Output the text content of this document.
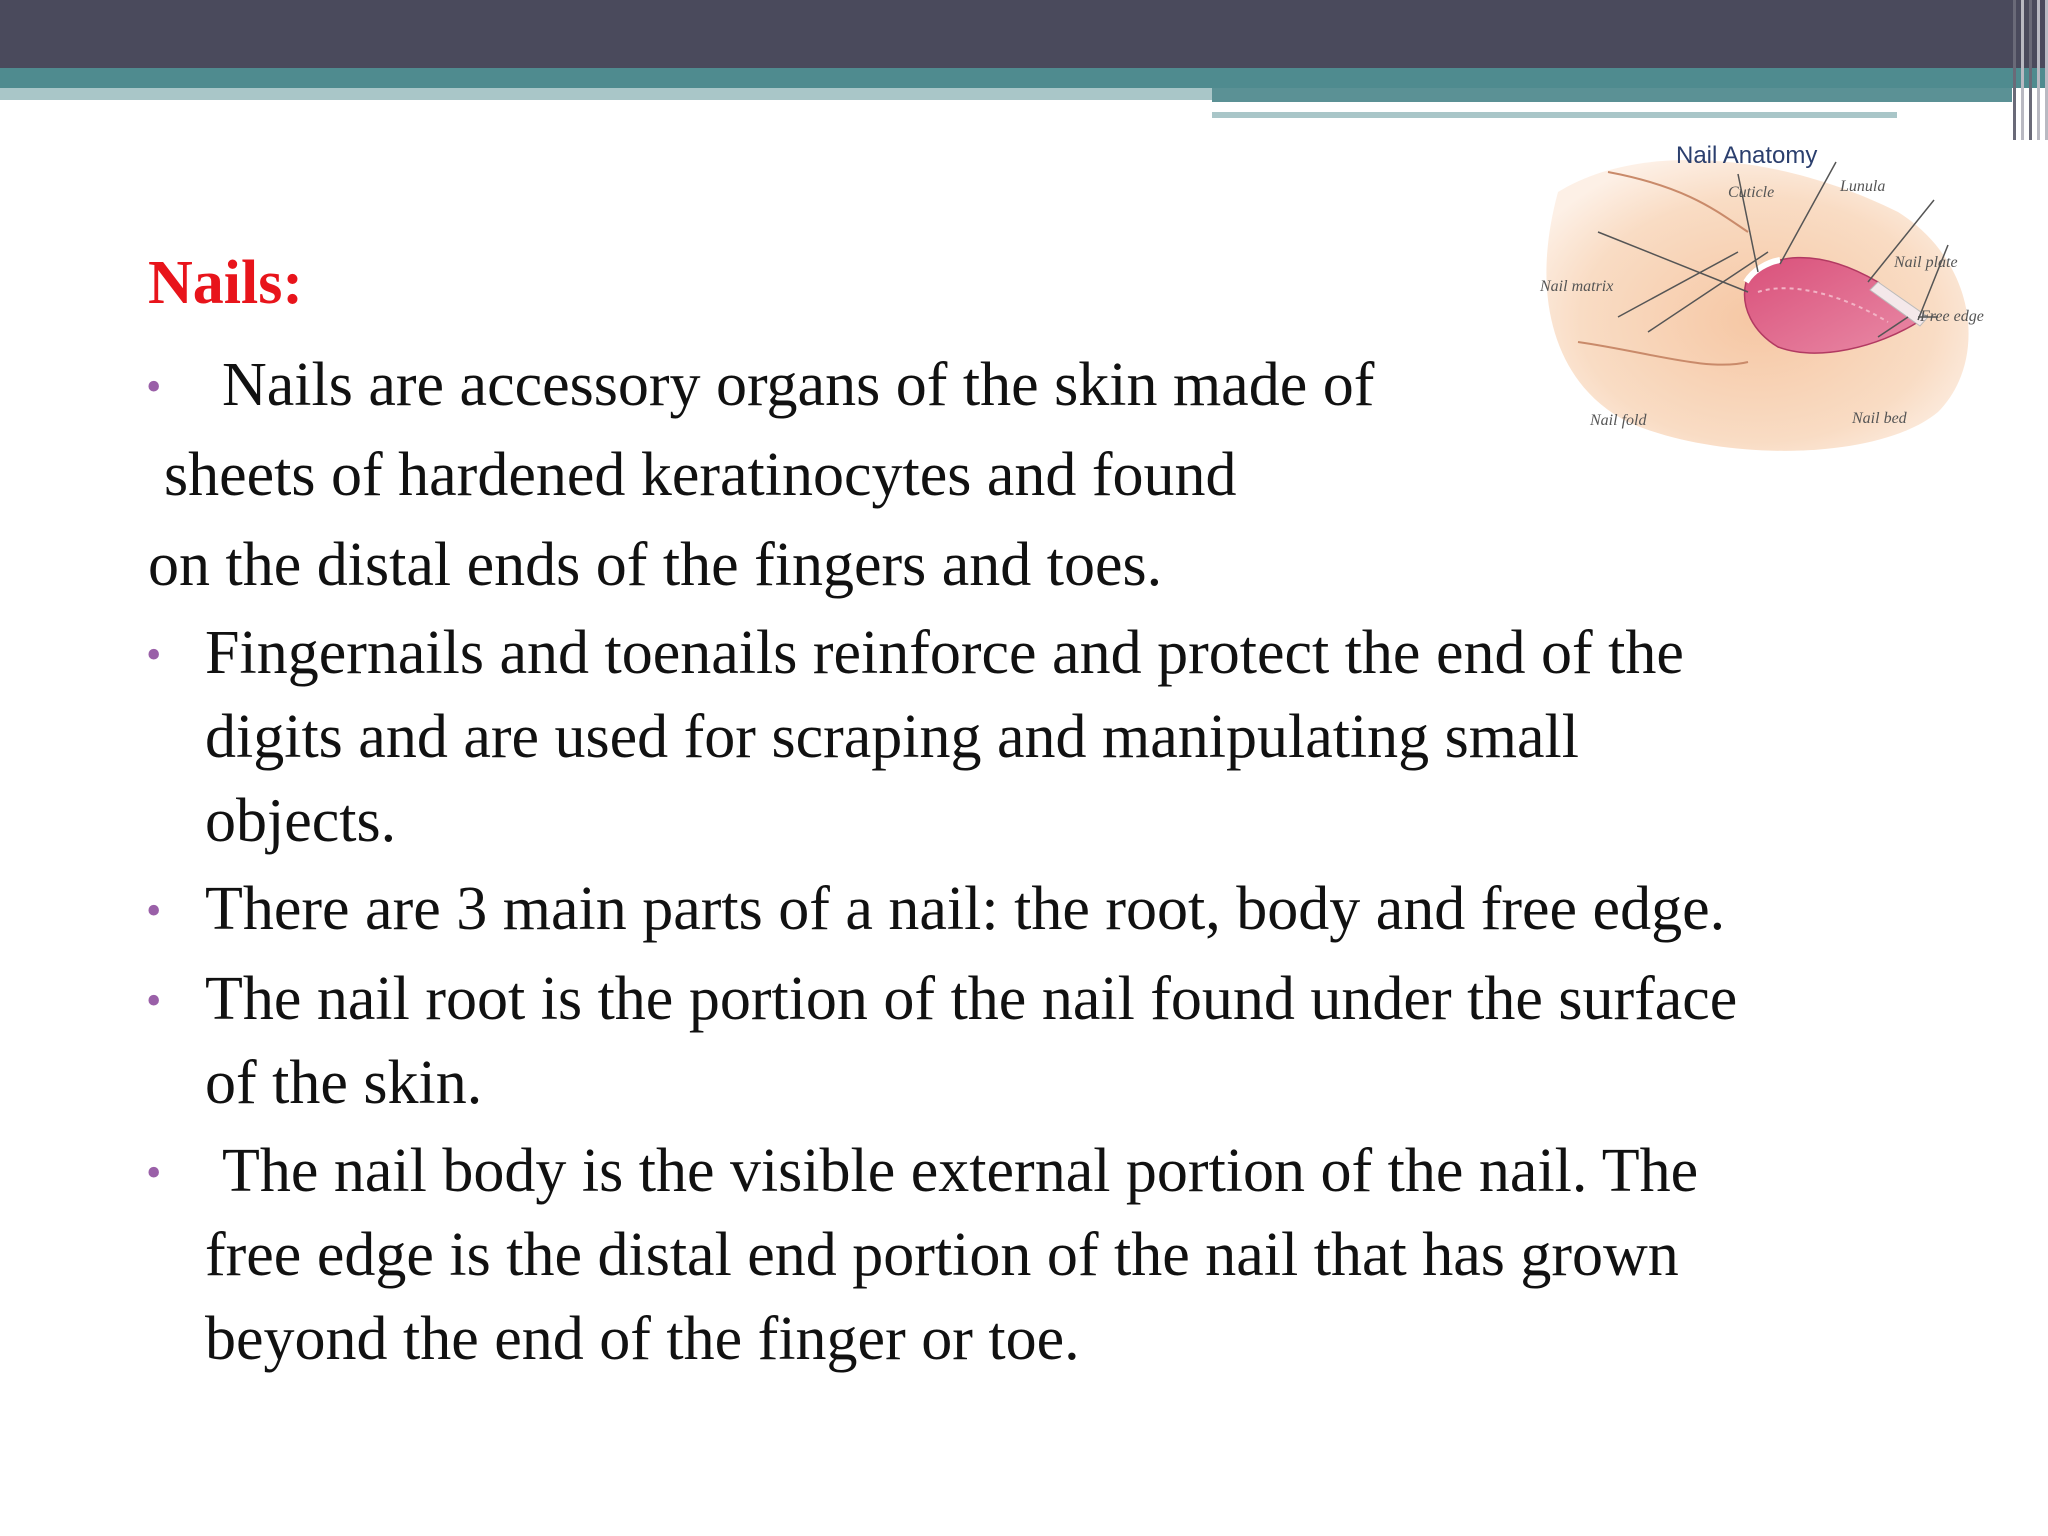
Nails:
• Nails are accessory organs of the skin made of

sheets of hardened keratinocytes and found

on the distal ends of the fingers and toes.

• Fingernails and toenails reinforce and protect the end of the

digits and are used for scraping and manipulating small

objects.

• There are 3 main parts of a nail: the root, body and free edge.

• The nail root is the portion of the nail found under the surface

of the skin.

• The nail body is the visible external portion of the nail. The

free edge is the distal end portion of the nail that has grown

beyond the end of the finger or toe.

Nail Anatomy
Cuticle	Lunula
Nail plate
Nail matrix
Free edge
Nail fold	Nail bed
